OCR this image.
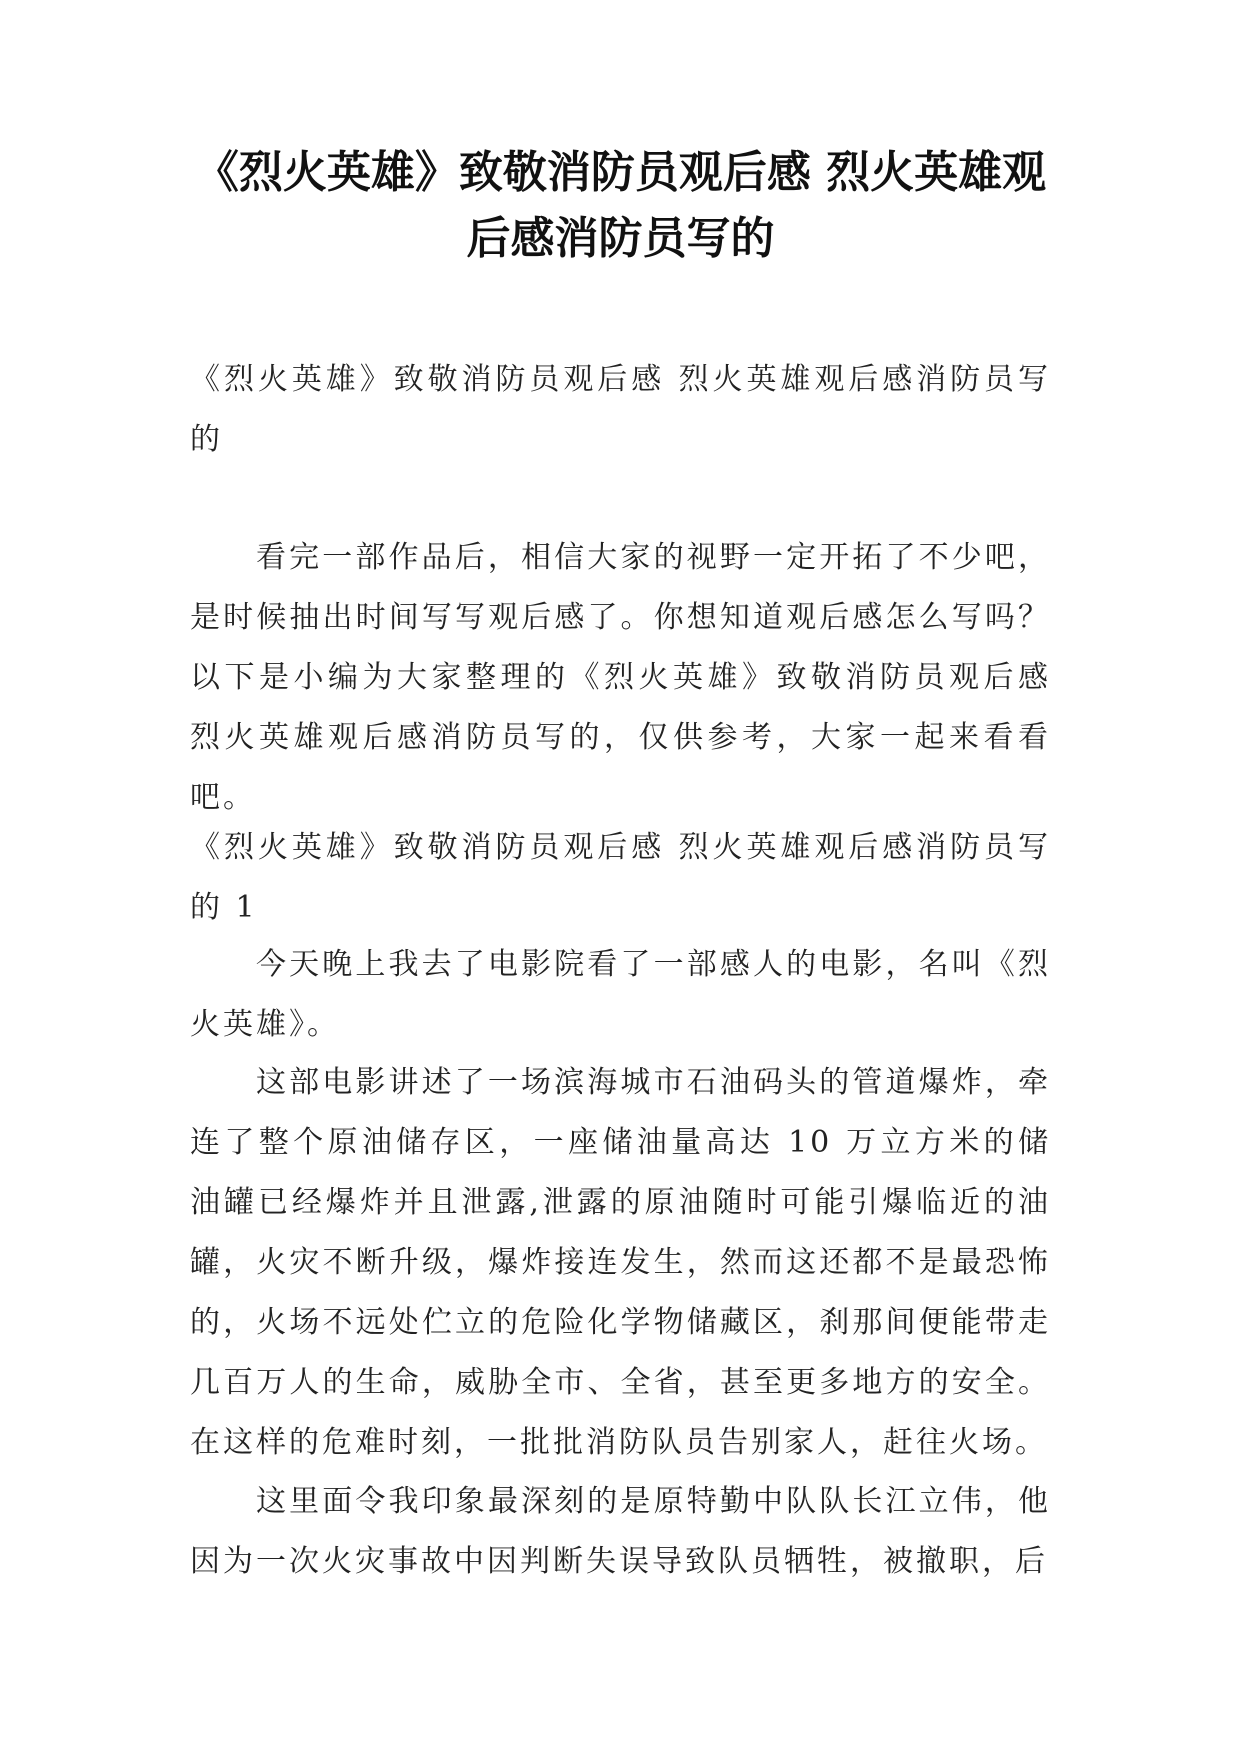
《烈火英雄》致敬消防员观后感 烈火英雄观后感消防员写的

《烈火英雄》致敬消防员观后感 烈火英雄观后感消防员写的

看完一部作品后，相信大家的视野一定开拓了不少吧，是时候抽出时间写写观后感了。你想知道观后感怎么写吗？以下是小编为大家整理的《烈火英雄》致敬消防员观后感 烈火英雄观后感消防员写的，仅供参考，大家一起来看看吧。

《烈火英雄》致敬消防员观后感 烈火英雄观后感消防员写的 1

今天晚上我去了电影院看了一部感人的电影，名叫《烈火英雄》。

这部电影讲述了一场滨海城市石油码头的管道爆炸，牵连了整个原油储存区，一座储油量高达 10 万立方米的储油罐已经爆炸并且泄露,泄露的原油随时可能引爆临近的油罐，火灾不断升级，爆炸接连发生，然而这还都不是最恐怖的，火场不远处伫立的危险化学物储藏区，刹那间便能带走几百万人的生命，威胁全市、全省，甚至更多地方的安全。在这样的危难时刻，一批批消防队员告别家人，赶往火场。

这里面令我印象最深刻的是原特勤中队队长江立伟，他因为一次火灾事故中因判断失误导致队员牺牲，被撤职，后
